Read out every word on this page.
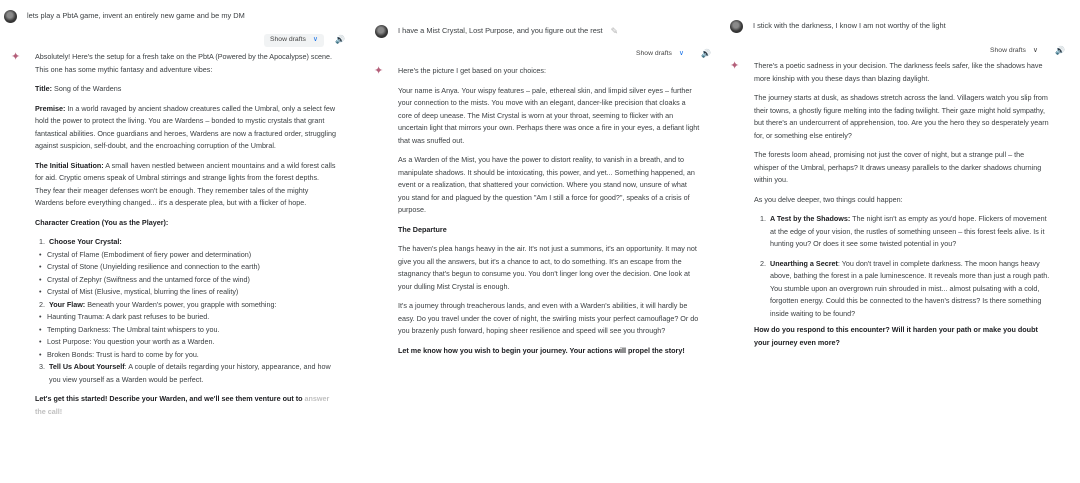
lets play a PbtA game, invent an entirely new game and be my DM
Show drafts ∨ 🔊
✦	Absolutely! Here's the setup for a fresh take on the PbtA (Powered by the Apocalypse) scene. This one has some mythic fantasy and adventure vibes:

Title: Song of the Wardens

Premise: In a world ravaged by ancient shadow creatures called the Umbral, only a select few hold the power to protect the living. You are Wardens – bonded to mystic crystals that grant fantastical abilities. Once guardians and heroes, Wardens are now a fractured order, struggling against suspicion, self-doubt, and the encroaching corruption of the Umbral.

The Initial Situation: A small haven nestled between ancient mountains and a wild forest calls for aid. Cryptic omens speak of Umbral stirrings and strange lights from the forest depths. They fear their meager defenses won't be enough. They remember tales of the mighty Wardens before everything changed... it's a desperate plea, but with a flicker of hope.

Character Creation (You as the Player):

1. Choose Your Crystal:
• Crystal of Flame (Embodiment of fiery power and determination)
• Crystal of Stone (Unyielding resilience and connection to the earth)
• Crystal of Zephyr (Swiftness and the untamed force of the wind)
• Crystal of Mist (Elusive, mystical, blurring the lines of reality)
2. Your Flaw: Beneath your Warden's power, you grapple with something:
• Haunting Trauma: A dark past refuses to be buried.
• Tempting Darkness: The Umbral taint whispers to you.
• Lost Purpose: You question your worth as a Warden.
• Broken Bonds: Trust is hard to come by for you.
3. Tell Us About Yourself: A couple of details regarding your history, appearance, and how you view yourself as a Warden would be perfect.

Let's get this started! Describe your Warden, and we'll see them venture out to answer the call!

I have a Mist Crystal, Lost Purpose, and you figure out the rest ✎
Show drafts ∨ 🔊
✦	Here's the picture I get based on your choices:

Your name is Anya. Your wispy features – pale, ethereal skin, and limpid silver eyes – further your connection to the mists. You move with an elegant, dancer-like precision that cloaks a core of deep unease. The Mist Crystal is worn at your throat, seeming to flicker with an uncertain light that mirrors your own. Perhaps there was once a fire in your eyes, a defiant light that was snuffed out.

As a Warden of the Mist, you have the power to distort reality, to vanish in a breath, and to manipulate shadows. It should be intoxicating, this power, and yet... Something happened, an event or a realization, that shattered your conviction. Where you stand now, unsure of what you stand for and plagued by the question "Am I still a force for good?", speaks of a crisis of purpose.

The Departure

The haven's plea hangs heavy in the air. It's not just a summons, it's an opportunity. It may not give you all the answers, but it's a chance to act, to do something. It's an escape from the stagnancy that's begun to consume you. You don't linger long over the decision. One look at your dulling Mist Crystal is enough.

It's a journey through treacherous lands, and even with a Warden's abilities, it will hardly be easy. Do you travel under the cover of night, the swirling mists your perfect camouflage? Or do you brazenly push forward, hoping sheer resilience and speed will see you through?

Let me know how you wish to begin your journey. Your actions will propel the story!

I stick with the darkness, I know I am not worthy of the light
Show drafts ∨ 🔊
✦	There's a poetic sadness in your decision. The darkness feels safer, like the shadows have more kinship with you these days than blazing daylight.

The journey starts at dusk, as shadows stretch across the land. Villagers watch you slip from their towns, a ghostly figure melting into the fading twilight. Their gaze might hold sympathy, but there's an undercurrent of apprehension, too. Are you the hero they so desperately yearn for, or something else entirely?

The forests loom ahead, promising not just the cover of night, but a strange pull – the whisper of the Umbral, perhaps? It draws uneasy parallels to the darker shadows churning within you.

As you delve deeper, two things could happen:

1. A Test by the Shadows: The night isn't as empty as you'd hope. Flickers of movement at the edge of your vision, the rustles of something unseen – this forest feels alive. Is it hunting you? Or does it see some twisted potential in you?
2. Unearthing a Secret: You don't travel in complete darkness. The moon hangs heavy above, bathing the forest in a pale luminescence. It reveals more than just a rough path. You stumble upon an overgrown ruin shrouded in mist... almost pulsating with a cold, forgotten energy. Could this be connected to the haven's distress? Is there something inside waiting to be found?

How do you respond to this encounter? Will it harden your path or make you doubt your journey even more?
